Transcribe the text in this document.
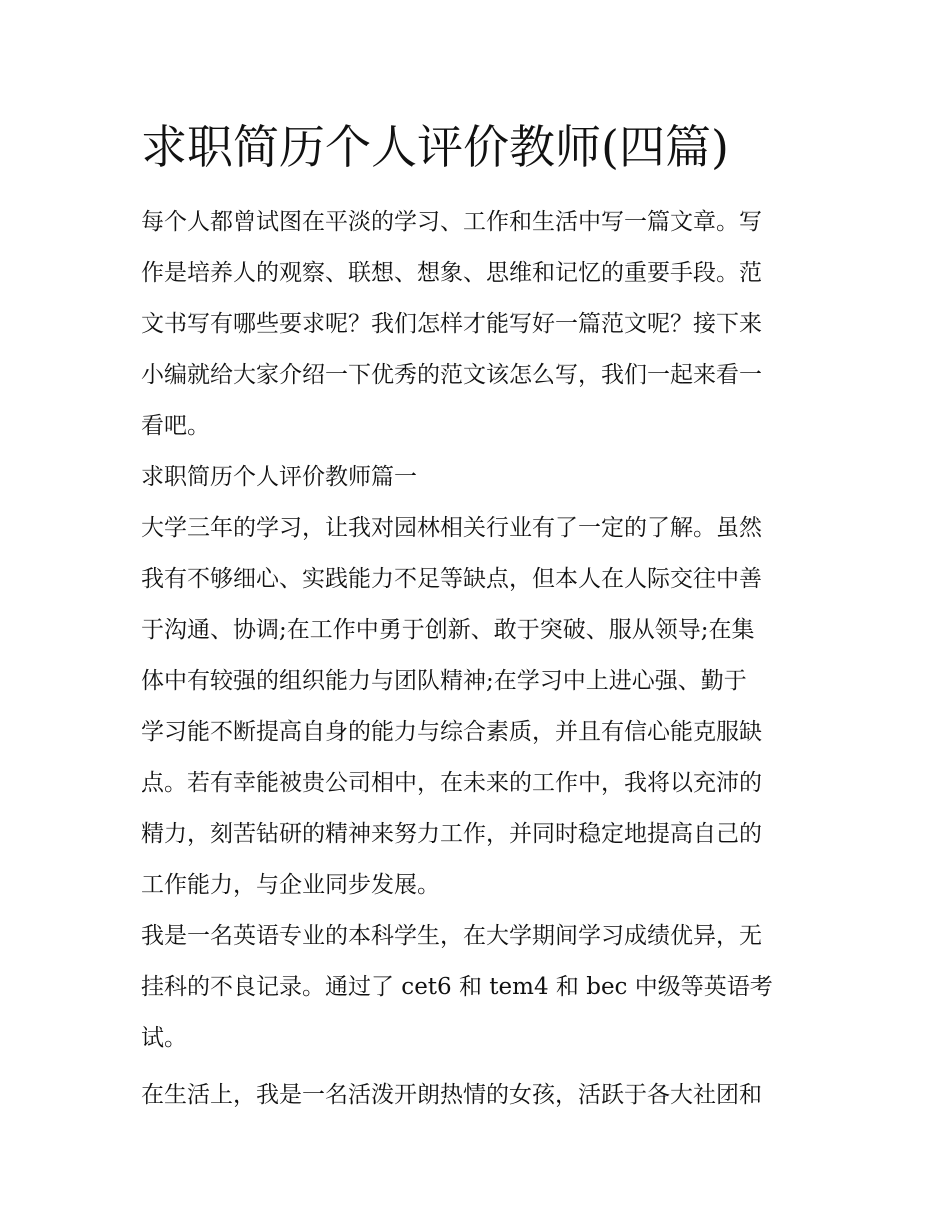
求职简历个人评价教师(四篇)
每个人都曾试图在平淡的学习、工作和生活中写一篇文章。写
作是培养人的观察、联想、想象、思维和记忆的重要手段。范
文书写有哪些要求呢？我们怎样才能写好一篇范文呢？接下来
小编就给大家介绍一下优秀的范文该怎么写，我们一起来看一
看吧。
求职简历个人评价教师篇一
大学三年的学习，让我对园林相关行业有了一定的了解。虽然
我有不够细心、实践能力不足等缺点，但本人在人际交往中善
于沟通、协调;在工作中勇于创新、敢于突破、服从领导;在集
体中有较强的组织能力与团队精神;在学习中上进心强、勤于
学习能不断提高自身的能力与综合素质，并且有信心能克服缺
点。若有幸能被贵公司相中，在未来的工作中，我将以充沛的
精力，刻苦钻研的精神来努力工作，并同时稳定地提高自己的
工作能力，与企业同步发展。
我是一名英语专业的本科学生，在大学期间学习成绩优异，无
挂科的不良记录。通过了 cet6 和 tem4 和 bec 中级等英语考
试。
在生活上，我是一名活泼开朗热情的女孩，活跃于各大社团和
